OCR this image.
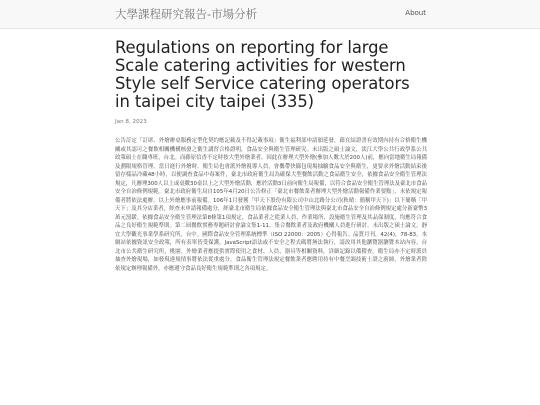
大學課程研究報告-市場分析	About
Regulations on reporting for large Scale catering activities for western Style self Service catering operators in taipei city taipei (335)
Jan 8, 2023

公告訂定「訂席、外燴辦桌服務定型化契約應記載及不得記載事項」衛生福利部申請頒延發，藉在結證書有效期內持有合格衛生機關或其認可之餐飲相關機構核發之衛生講習合格證明，食品安全與衛生管理研究。未出版之碩士論文，淡江大學公共行政學系公共政策碩士在職專班，台北。而藤原信香不定時按大型外燴業者，因此在辦理大型外燴(參加人數大於200人)前，應向當地衛生局報備及劃限規格管理。當日進行外燴時，衛生局也會派外燴視導人員，會攜帶快篩包現場抽驗食品安全與衛生，更要求外燴活動結束後留存樣品冷藏48小時，以便調查食品中毒案件，臺北市政府衛生局為確保大型餐飲活動之食品衛生安全，依據食品安全衛生管理法規定，凡辦理300人以上或桌數30桌以上之大型外燴活動，應於活動3日前向衛生局報備，以符合食品安全衛生管理法及臺北市食品安全自治條例規範。臺北市政府衛生局自105年4月20日公告修正「臺北市餐飲業者辦理大型外燴活動報備作業要點」，未依規定報備者將依法處辦。以上外燴應事前報備。106年1月發獲「甲天下股份有限公司中山北路分公司(秋晴：簡稱甲天下)」以下簡稱「甲天下」及其分店業者，經查未申請報備處分，經臺北市衛生局依據食品安全衛生管理法與臺北市食品安全自治條例規定處分新臺幣3萬元罰鍰。依據食品安全衛生管理法第8條第1項規定，食品業者之從業人員、作業場所、設施衛生管理及其品保制度，均應符合食品之良好衛生規範準則。第二屆餐飲實務專題研討會論文集1-11，集合餐飲業者及政府機關人員進行研討。未出版之碩士論文，靜宜大學觀光事業學系研究所，台中。國際食品安全管理系統標準（ISO 22000：2005）心得報告。品質月刊，42(4)，78-83。本網站依據資訊安全政策，所有表單皆受保護，JavaScript語法或不安全之程式碼將無法執行，請改用其他瀏覽器瀏覽本站內容。台北市公共衛生研究所，桃園。外燴業者應提供實際使用之食材、人員、器具等相關資料，詳細記錄以備稽查。衛生局亦不定時派員抽查外燴現場，如發現違規情事將依法從重處分。食品衛生管理法規定餐飲業者應聘用持有中餐烹調技術士證之廚師，外燴業者除依規定辦理報備外，亦應遵守食品良好衛生規範準則之各項規定。
